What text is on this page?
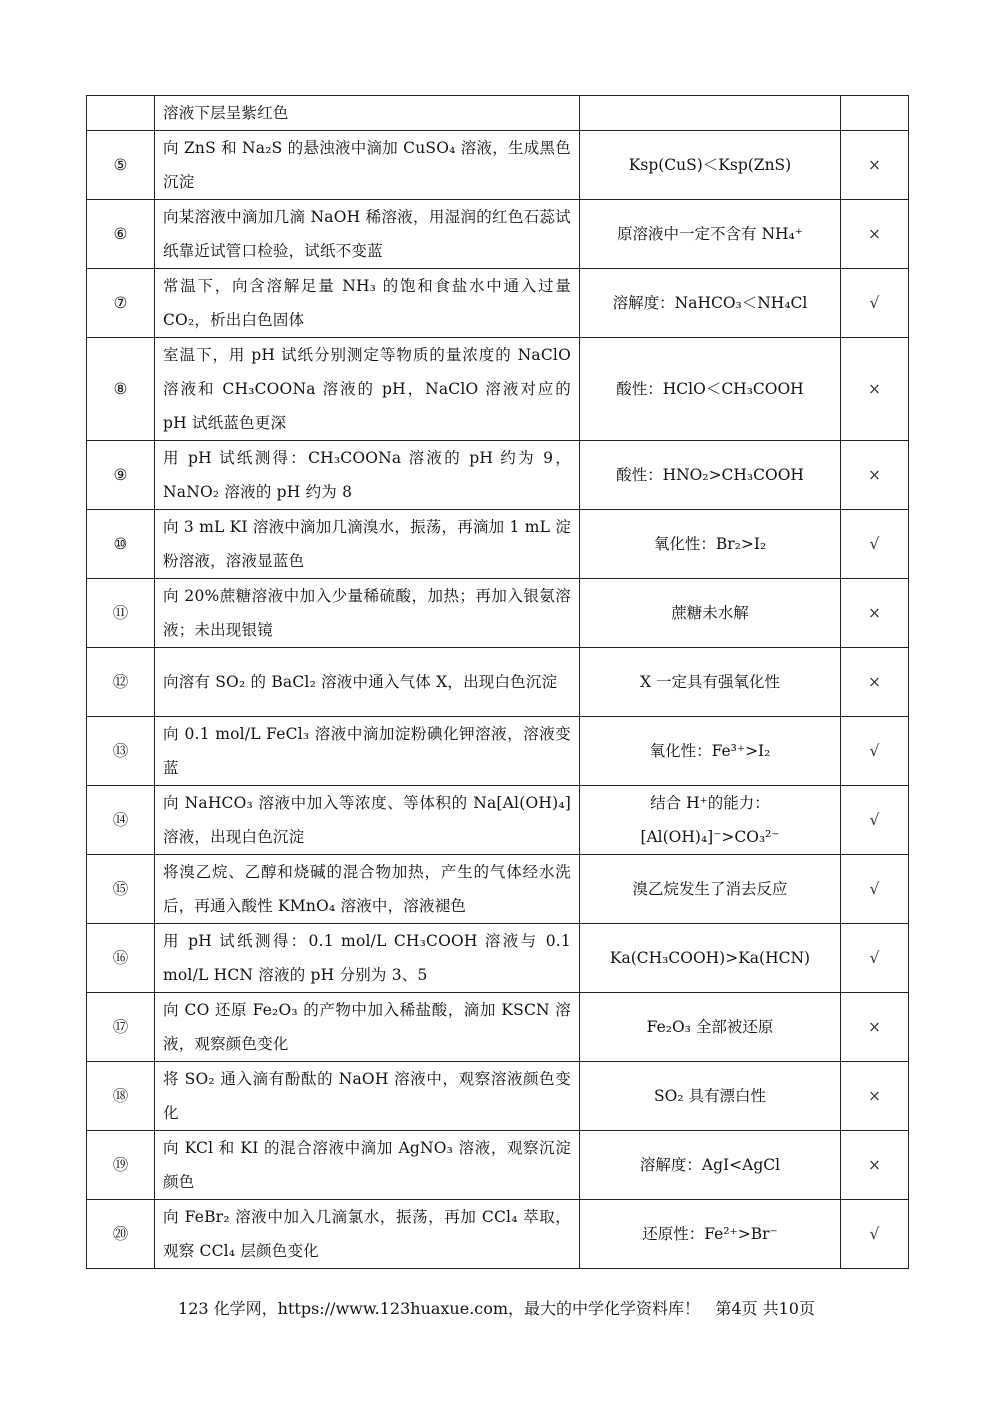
	溶液下层呈紫红色		
⑤	向 ZnS 和 Na₂S 的悬浊液中滴加 CuSO₄ 溶液，生成黑色沉淀	Ksp(CuS)＜Ksp(ZnS)	×
⑥	向某溶液中滴加几滴 NaOH 稀溶液，用湿润的红色石蕊试纸靠近试管口检验，试纸不变蓝	原溶液中一定不含有 NH₄⁺	×
⑦	常温下，向含溶解足量 NH₃ 的饱和食盐水中通入过量 CO₂，析出白色固体	溶解度：NaHCO₃＜NH₄Cl	√
⑧	室温下，用 pH 试纸分别测定等物质的量浓度的 NaClO 溶液和 CH₃COONa 溶液的 pH，NaClO 溶液对应的 pH 试纸蓝色更深	酸性：HClO＜CH₃COOH	×
⑨	用 pH 试纸测得：CH₃COONa 溶液的 pH 约为 9，NaNO₂ 溶液的 pH 约为 8	酸性：HNO₂>CH₃COOH	×
⑩	向 3 mL KI 溶液中滴加几滴溴水，振荡，再滴加 1 mL 淀粉溶液，溶液显蓝色	氧化性：Br₂>I₂	√
⑪	向 20%蔗糖溶液中加入少量稀硫酸，加热；再加入银氨溶液；未出现银镜	蔗糖未水解	×
⑫	向溶有 SO₂ 的 BaCl₂ 溶液中通入气体 X，出现白色沉淀	X 一定具有强氧化性	×
⑬	向 0.1 mol/L FeCl₃ 溶液中滴加淀粉碘化钾溶液，溶液变蓝	氧化性：Fe³⁺>I₂	√
⑭	向 NaHCO₃ 溶液中加入等浓度、等体积的 Na[Al(OH)₄] 溶液，出现白色沉淀	结合 H⁺的能力：[Al(OH)₄]⁻>CO₃²⁻	√
⑮	将溴乙烷、乙醇和烧碱的混合物加热，产生的气体经水洗后，再通入酸性 KMnO₄ 溶液中，溶液褪色	溴乙烷发生了消去反应	√
⑯	用 pH 试纸测得：0.1 mol/L CH₃COOH 溶液与 0.1 mol/L HCN 溶液的 pH 分别为 3、5	Ka(CH₃COOH)>Ka(HCN)	√
⑰	向 CO 还原 Fe₂O₃ 的产物中加入稀盐酸，滴加 KSCN 溶液，观察颜色变化	Fe₂O₃ 全部被还原	×
⑱	将 SO₂ 通入滴有酚酞的 NaOH 溶液中，观察溶液颜色变化	SO₂ 具有漂白性	×
⑲	向 KCl 和 KI 的混合溶液中滴加 AgNO₃ 溶液，观察沉淀颜色	溶解度：AgI<AgCl	×
⑳	向 FeBr₂ 溶液中加入几滴氯水，振荡，再加 CCl₄ 萃取，观察 CCl₄ 层颜色变化	还原性：Fe²⁺>Br⁻	√
123 化学网，https://www.123huaxue.com，最大的中学化学资料库！ 第4页 共10页
